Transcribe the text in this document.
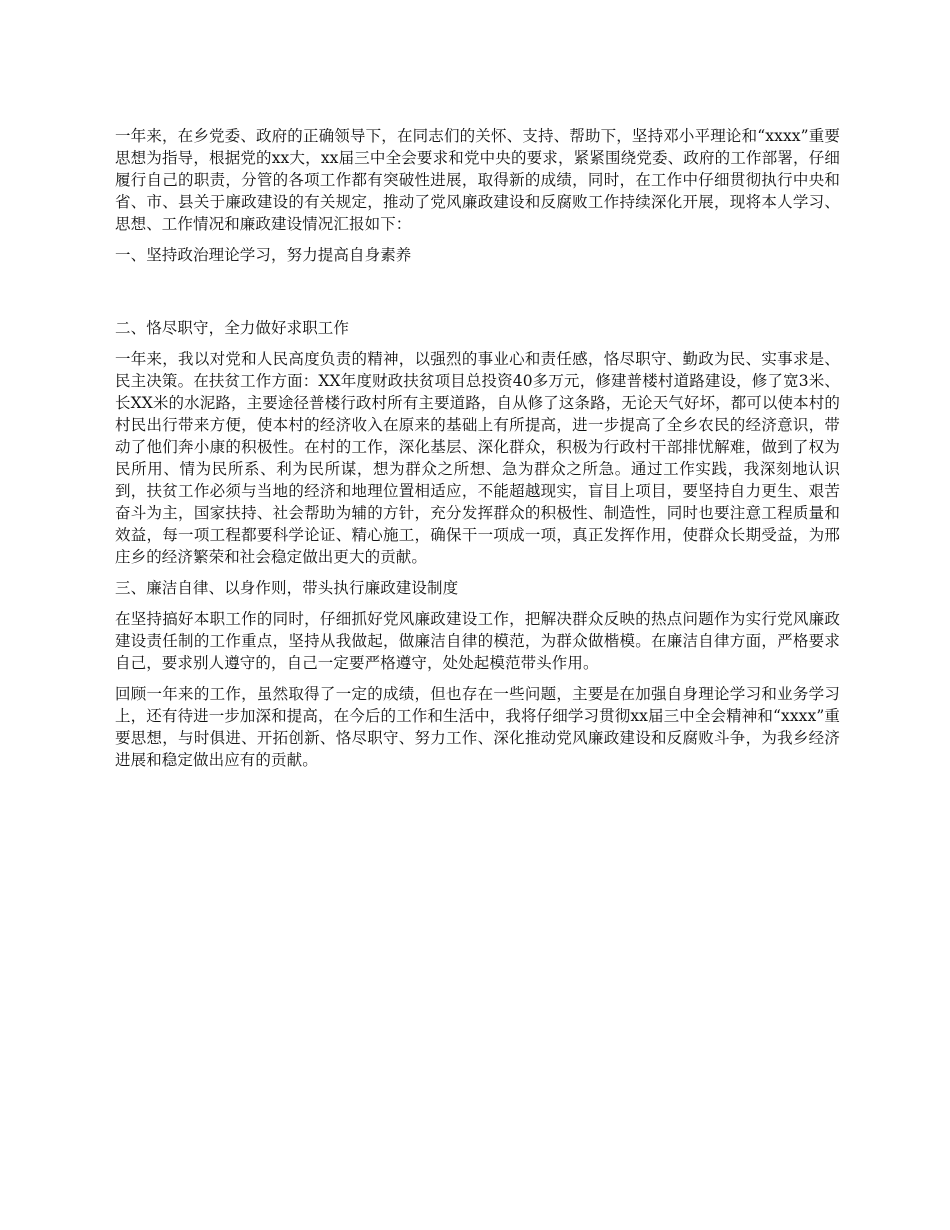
一年来，在乡党委、政府的正确领导下，在同志们的关怀、支持、帮助下，坚持邓小平理论和“xxxx”重要思想为指导，根据党的xx大，xx届三中全会要求和党中央的要求，紧紧围绕党委、政府的工作部署，仔细履行自己的职责，分管的各项工作都有突破性进展，取得新的成绩，同时，在工作中仔细贯彻执行中央和省、市、县关于廉政建设的有关规定，推动了党风廉政建设和反腐败工作持续深化开展，现将本人学习、思想、工作情况和廉政建设情况汇报如下：

一、坚持政治理论学习，努力提高自身素养

二、恪尽职守，全力做好求职工作

一年来，我以对党和人民高度负责的精神，以强烈的事业心和责任感，恪尽职守、勤政为民、实事求是、民主决策。在扶贫工作方面：XX年度财政扶贫项目总投资40多万元，修建普楼村道路建设，修了宽3米、长XX米的水泥路，主要途径普楼行政村所有主要道路，自从修了这条路，无论天气好坏，都可以使本村的村民出行带来方便，使本村的经济收入在原来的基础上有所提高，进一步提高了全乡农民的经济意识，带动了他们奔小康的积极性。在村的工作，深化基层、深化群众，积极为行政村干部排忧解难，做到了权为民所用、情为民所系、利为民所谋，想为群众之所想、急为群众之所急。通过工作实践，我深刻地认识到，扶贫工作必须与当地的经济和地理位置相适应，不能超越现实，盲目上项目，要坚持自力更生、艰苦奋斗为主，国家扶持、社会帮助为辅的方针，充分发挥群众的积极性、制造性，同时也要注意工程质量和效益，每一项工程都要科学论证、精心施工，确保干一项成一项，真正发挥作用，使群众长期受益，为邢庄乡的经济繁荣和社会稳定做出更大的贡献。

三、廉洁自律、以身作则，带头执行廉政建设制度

在坚持搞好本职工作的同时，仔细抓好党风廉政建设工作，把解决群众反映的热点问题作为实行党风廉政建设责任制的工作重点，坚持从我做起，做廉洁自律的模范，为群众做楷模。在廉洁自律方面，严格要求自己，要求别人遵守的，自己一定要严格遵守，处处起模范带头作用。

回顾一年来的工作，虽然取得了一定的成绩，但也存在一些问题，主要是在加强自身理论学习和业务学习上，还有待进一步加深和提高，在今后的工作和生活中，我将仔细学习贯彻xx届三中全会精神和“xxxx”重要思想，与时俱进、开拓创新、恪尽职守、努力工作、深化推动党风廉政建设和反腐败斗争，为我乡经济进展和稳定做出应有的贡献。
